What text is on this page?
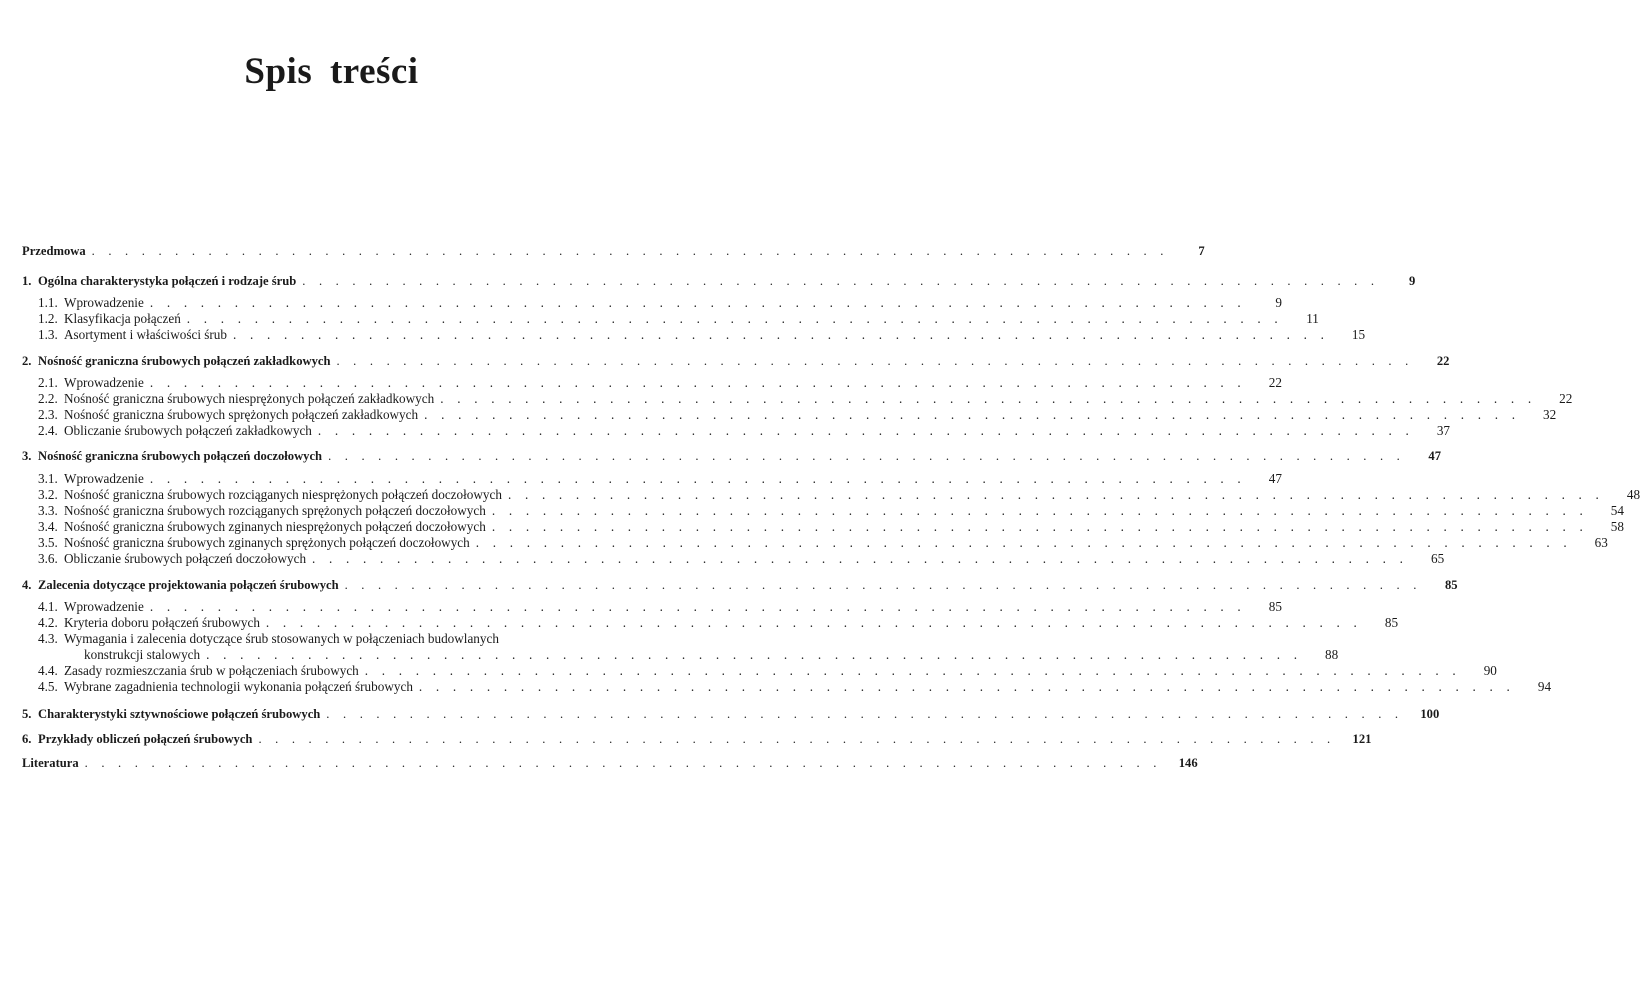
Spis treści
Przedmowa . . . . . . . . . . . . . . . . . . . . . . . . . . . . . . . . . . . . . . . . . . . . . . . . . . . . . . . . . . . . . . . . .	7
1. Ogólna charakterystyka połączeń i rodzaje śrub . . . . . . . . . . . . . . . . . . . . . . . . . . . . . . . . . . . . . . . . . . . . . . . . . . . . . . . . . . . . . . . . .	9
1.1. Wprowadzenie . . . . . . . . . . . . . . . . . . . . . . . . . . . . . . . . . . . . . . . . . . . . . . . . . . . . . . . . . . . . . . . . .	9
1.2. Klasyfikacja połączeń . . . . . . . . . . . . . . . . . . . . . . . . . . . . . . . . . . . . . . . . . . . . . . . . . . . . . . . . . . . . . . . . .	11
1.3. Asortyment i właściwości śrub . . . . . . . . . . . . . . . . . . . . . . . . . . . . . . . . . . . . . . . . . . . . . . . . . . . . . . . . . . . . . . . . .	15
2. Nośność graniczna śrubowych połączeń zakładkowych . . . . . . . . . . . . . . . . . . . . . . . . . . . . . . . . . . . . . . . . . . . . . . . . . . . . . . . . . . . . . . . . .	22
2.1. Wprowadzenie . . . . . . . . . . . . . . . . . . . . . . . . . . . . . . . . . . . . . . . . . . . . . . . . . . . . . . . . . . . . . . . . .	22
2.2. Nośność graniczna śrubowych niesprężonych połączeń zakładkowych . . . . . . . . . . . . . . . . . . . . . . . . . . . . . . . . . . . . . . . . . . . . . . . . . . . . . . . . . . . . . . . . .	22
2.3. Nośność graniczna śrubowych sprężonych połączeń zakładkowych . . . . . . . . . . . . . . . . . . . . . . . . . . . . . . . . . . . . . . . . . . . . . . . . . . . . . . . . . . . . . . . . .	32
2.4. Obliczanie śrubowych połączeń zakładkowych . . . . . . . . . . . . . . . . . . . . . . . . . . . . . . . . . . . . . . . . . . . . . . . . . . . . . . . . . . . . . . . . .	37
3. Nośność graniczna śrubowych połączeń doczołowych . . . . . . . . . . . . . . . . . . . . . . . . . . . . . . . . . . . . . . . . . . . . . . . . . . . . . . . . . . . . . . . . .	47
3.1. Wprowadzenie . . . . . . . . . . . . . . . . . . . . . . . . . . . . . . . . . . . . . . . . . . . . . . . . . . . . . . . . . . . . . . . . .	47
3.2. Nośność graniczna śrubowych rozciąganych niesprężonych połączeń doczołowych . . . . . . . . . . . . . . . . . . . . . . . . . . . . . . . . . . . . . . . . . . . . . . . . . . . . . . . . . . . . . . . . .	48
3.3. Nośność graniczna śrubowych rozciąganych sprężonych połączeń doczołowych . . . . . . . . . . . . . . . . . . . . . . . . . . . . . . . . . . . . . . . . . . . . . . . . . . . . . . . . . . . . . . . . .	54
3.4. Nośność graniczna śrubowych zginanych niesprężonych połączeń doczołowych . . . . . . . . . . . . . . . . . . . . . . . . . . . . . . . . . . . . . . . . . . . . . . . . . . . . . . . . . . . . . . . . .	58
3.5. Nośność graniczna śrubowych zginanych sprężonych połączeń doczołowych . . . . . . . . . . . . . . . . . . . . . . . . . . . . . . . . . . . . . . . . . . . . . . . . . . . . . . . . . . . . . . . . .	63
3.6. Obliczanie śrubowych połączeń doczołowych . . . . . . . . . . . . . . . . . . . . . . . . . . . . . . . . . . . . . . . . . . . . . . . . . . . . . . . . . . . . . . . . .	65
4. Zalecenia dotyczące projektowania połączeń śrubowych . . . . . . . . . . . . . . . . . . . . . . . . . . . . . . . . . . . . . . . . . . . . . . . . . . . . . . . . . . . . . . . . .	85
4.1. Wprowadzenie . . . . . . . . . . . . . . . . . . . . . . . . . . . . . . . . . . . . . . . . . . . . . . . . . . . . . . . . . . . . . . . . .	85
4.2. Kryteria doboru połączeń śrubowych . . . . . . . . . . . . . . . . . . . . . . . . . . . . . . . . . . . . . . . . . . . . . . . . . . . . . . . . . . . . . . . . .	85
4.3. Wymagania i zalecenia dotyczące śrub stosowanych w połączeniach budowlanych
konstrukcji stalowych . . . . . . . . . . . . . . . . . . . . . . . . . . . . . . . . . . . . . . . . . . . . . . . . . . . . . . . . . . . . . . . . .	88
4.4. Zasady rozmieszczania śrub w połączeniach śrubowych . . . . . . . . . . . . . . . . . . . . . . . . . . . . . . . . . . . . . . . . . . . . . . . . . . . . . . . . . . . . . . . . .	90
4.5. Wybrane zagadnienia technologii wykonania połączeń śrubowych . . . . . . . . . . . . . . . . . . . . . . . . . . . . . . . . . . . . . . . . . . . . . . . . . . . . . . . . . . . . . . . . .	94
5. Charakterystyki sztywnościowe połączeń śrubowych . . . . . . . . . . . . . . . . . . . . . . . . . . . . . . . . . . . . . . . . . . . . . . . . . . . . . . . . . . . . . . . . .	100
6. Przykłady obliczeń połączeń śrubowych . . . . . . . . . . . . . . . . . . . . . . . . . . . . . . . . . . . . . . . . . . . . . . . . . . . . . . . . . . . . . . . . .	121
Literatura . . . . . . . . . . . . . . . . . . . . . . . . . . . . . . . . . . . . . . . . . . . . . . . . . . . . . . . . . . . . . . . . .	146
